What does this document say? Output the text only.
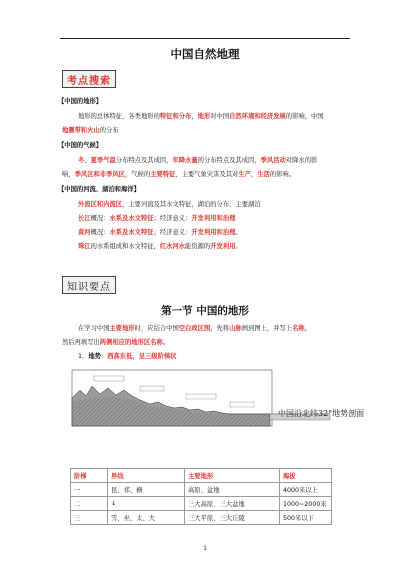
中国自然地理
考点搜索
【中国的地形】
地形的总体特征，各类地形的特征和分布，地形对中国自然环境和经济发展的影响，中国
地震带和火山的分布
【中国的气候】
冬、夏季气温分布特点及其成因，年降水量的分布特点及其成因，季风活动对降水的影
响，季风区和非季风区，气候的主要特征，主要气象灾害及其对生产、生活的影响。
【中国的河流、湖泊和海洋】
外流区和内流区，主要河流及其水文特征，湖泊的分布，主要湖泊
长江概况：水系及水文特征；经济意义：开发利用和治理
黄河概况：水系及水文特征；经济意义：开发利用和治理。
珠江的水系组成和水文特征，红水河水能资源的开发利用。
知识要点
第一节 中国的地形
在学习中国主要地形时，应结合中国空白政区图，先将山脉画到图上，并写上名称，
然后再填写出两侧相应的地形区名称。
1．地势：西高东低，呈三级阶梯状
中国沿北纬32°地势剖面
阶梯	界线	主要地形	海拔
一	昆、祁、横	高原、盆地	4000米以上
二	↓	三大高原、三大盆地	1000~2000米
三	雪、巫、太、大	三大平原、三大丘陵	500米以下
1
